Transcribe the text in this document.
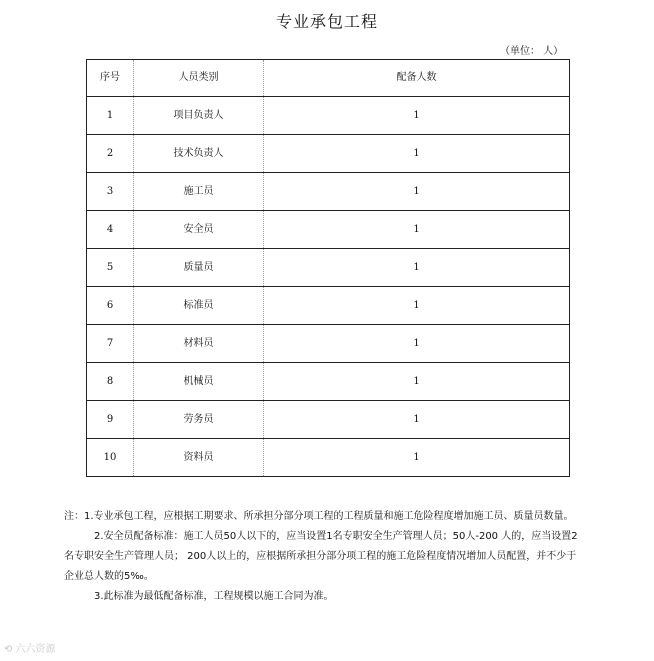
专业承包工程
（单位： 人）
序号	人员类别	配备人数
1	项目负责人	1
2	技术负责人	1
3	施工员	1
4	安全员	1
5	质量员	1
6	标准员	1
7	材料员	1
8	机械员	1
9	劳务员	1
10	资料员	1

注：1.专业承包工程，应根据工期要求、所承担分部分项工程的工程质量和施工危险程度增加施工员、质量员数量。

2.安全员配备标准：施工人员50人以下的，应当设置1名专职安全生产管理人员；50人-200 人的，应当设置2名专职安全生产管理人员； 200人以上的，应根据所承担分部分项工程的施工危险程度情况增加人员配置，并不少于企业总人数的5‰。

3.此标准为最低配备标准，工程规模以施工合同为准。

⟲ 六六资源
